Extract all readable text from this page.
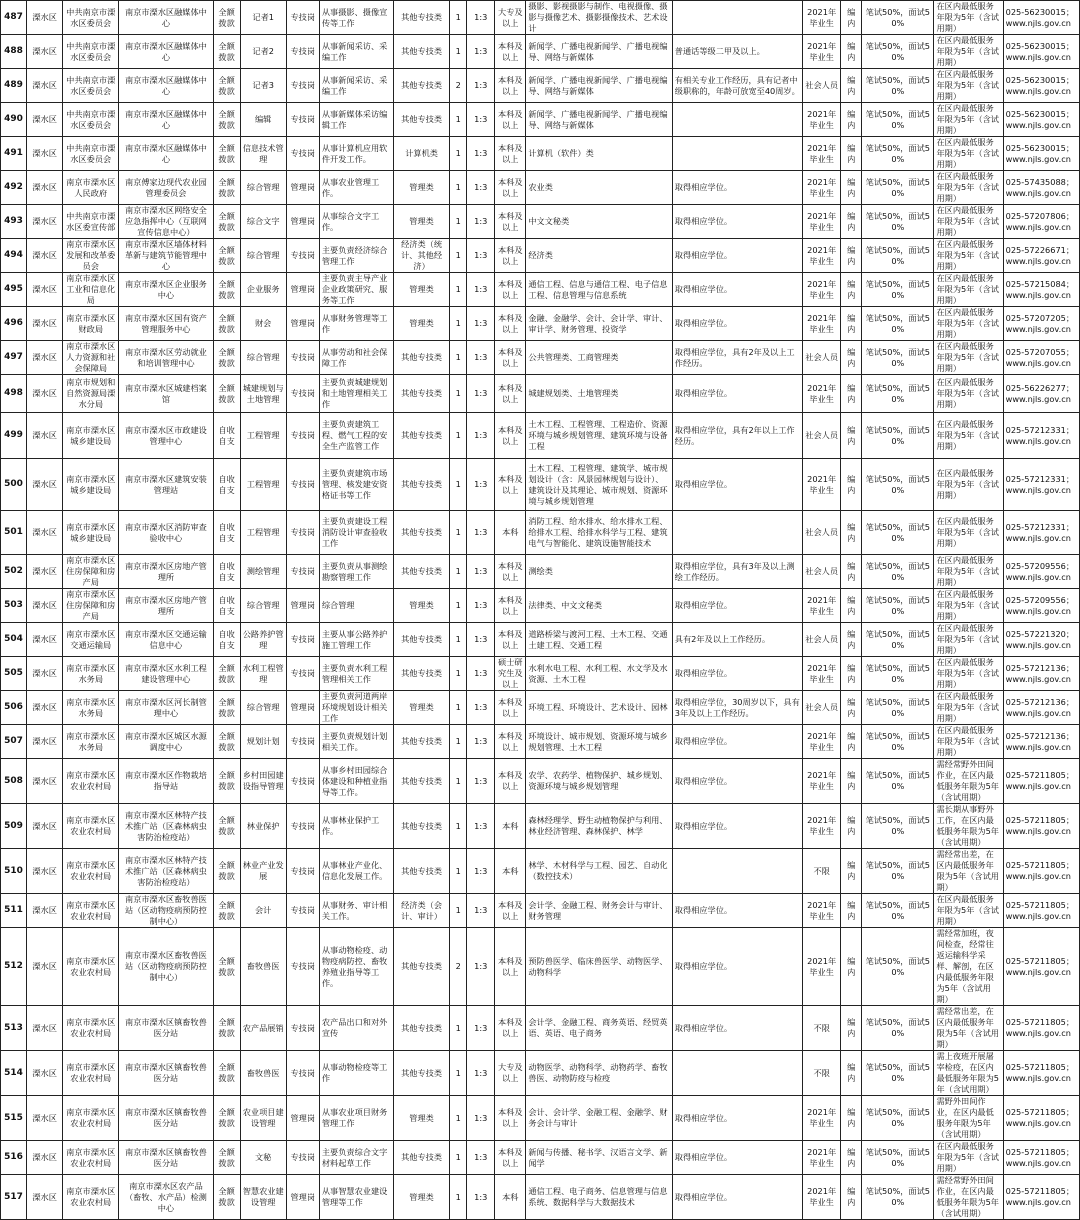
487	溧水区	中共南京市溧水区委员会	南京市溧水区融媒体中心	全额拨款	记者1	专技岗	从事摄影、摄像宣传等工作	其他专技类	1	1:3	大专及以上	摄影、影视摄影与制作、电视摄像、摄影与摄像艺术、摄影摄像技术、艺术设计		2021年毕业生	编内	笔试50%，面试50%	在区内最低服务年限为5年（含试用期）	025-56230015；www.njls.gov.cn
488	溧水区	中共南京市溧水区委员会	南京市溧水区融媒体中心	全额拨款	记者2	专技岗	从事新闻采访、采编工作	其他专技类	1	1:3	本科及以上	新闻学、广播电视新闻学、广播电视编导、网络与新媒体	普通话等级二甲及以上。	2021年毕业生	编内	笔试50%，面试50%	在区内最低服务年限为5年（含试用期）	025-56230015；www.njls.gov.cn
489	溧水区	中共南京市溧水区委员会	南京市溧水区融媒体中心	全额拨款	记者3	专技岗	从事新闻采访、采编工作	其他专技类	2	1:3	本科及以上	新闻学、广播电视新闻学、广播电视编导、网络与新媒体	有相关专业工作经历，具有记者中级职称的，年龄可放宽至40周岁。	社会人员	编内	笔试50%，面试50%	在区内最低服务年限为5年（含试用期）	025-56230015；www.njls.gov.cn
490	溧水区	中共南京市溧水区委员会	南京市溧水区融媒体中心	全额拨款	编辑	专技岗	从事新媒体采访编辑工作	其他专技类	1	1:3	本科及以上	新闻学、广播电视新闻学、广播电视编导、网络与新媒体		2021年毕业生	编内	笔试50%，面试50%	在区内最低服务年限为5年（含试用期）	025-56230015；www.njls.gov.cn
491	溧水区	中共南京市溧水区委员会	南京市溧水区融媒体中心	全额拨款	信息技术管理	专技岗	从事计算机应用软件开发工作。	计算机类	1	1:3	本科及以上	计算机（软件）类		2021年毕业生	编内	笔试50%，面试50%	在区内最低服务年限为5年（含试用期）	025-56230015；www.njls.gov.cn
492	溧水区	南京市溧水区人民政府	南京傅家边现代农业园管理委员会	全额拨款	综合管理	管理岗	从事农业管理工作。	管理类	1	1:3	本科及以上	农业类	取得相应学位。	2021年毕业生	编内	笔试50%，面试50%	在区内最低服务年限为5年（含试用期）	025-57435088；www.njls.gov.cn
493	溧水区	中共南京市溧水区委宣传部	南京市溧水区网络安全应急指挥中心（互联网宣传信息中心）	全额拨款	综合文字	管理岗	从事综合文字工作。	管理类	1	1:3	本科及以上	中文文秘类	取得相应学位。	2021年毕业生	编内	笔试50%，面试50%	在区内最低服务年限为5年（含试用期）	025-57207806；www.njls.gov.cn
494	溧水区	南京市溧水区发展和改革委员会	南京市溧水区墙体材料革新与建筑节能管理中心	全额拨款	综合管理	专技岗	主要负责经济综合管理工作	经济类（统计、其他经济）	1	1:3	本科及以上	经济类	取得相应学位。	2021年毕业生	编内	笔试50%，面试50%	在区内最低服务年限为5年（含试用期）	025-57226671；www.njls.gov.cn
495	溧水区	南京市溧水区工业和信息化局	南京市溧水区企业服务中心	全额拨款	企业服务	管理岗	主要负责主导产业企业政策研究、服务等工作	管理类	1	1:3	本科及以上	通信工程、信息与通信工程、电子信息工程、信息管理与信息系统	取得相应学位。	2021年毕业生	编内	笔试50%，面试50%	在区内最低服务年限为5年（含试用期）	025-57215084；www.njls.gov.cn
496	溧水区	南京市溧水区财政局	南京市溧水区国有资产管理服务中心	全额拨款	财会	管理岗	从事财务管理等工作	管理类	1	1:3	本科及以上	金融、金融学、会计、会计学、审计、审计学、财务管理、投资学	取得相应学位。	2021年毕业生	编内	笔试50%，面试50%	在区内最低服务年限为5年（含试用期）	025-57207205；www.njls.gov.cn
497	溧水区	南京市溧水区人力资源和社会保障局	南京市溧水区劳动就业和培训管理中心	全额拨款	综合管理	专技岗	从事劳动和社会保障工作	其他专技类	1	1:3	本科及以上	公共管理类、工商管理类	取得相应学位，具有2年及以上工作经历。	社会人员	编内	笔试50%，面试50%	在区内最低服务年限为5年（含试用期）	025-57207055；www.njls.gov.cn
498	溧水区	南京市规划和自然资源局溧水分局	南京市溧水区城建档案馆	全额拨款	城建规划与土地管理	专技岗	主要负责城建规划和土地管理相关工作	其他专技类	1	1:3	本科及以上	城建规划类、土地管理类	取得相应学位。	2021年毕业生	编内	笔试50%，面试50%	在区内最低服务年限为5年（含试用期）	025-56226277；www.njls.gov.cn
499	溧水区	南京市溧水区城乡建设局	南京市溧水区市政建设管理中心	自收自支	工程管理	专技岗	主要负责建筑工程、燃气工程的安全生产监管工作	其他专技类	1	1:3	本科及以上	土木工程、工程管理、工程造价、资源环境与城乡规划管理、建筑环境与设备工程	取得相应学位，具有2年以上工作经历。	社会人员	编内	笔试50%，面试50%	在区内最低服务年限为5年（含试用期）	025-57212331；www.njls.gov.cn
500	溧水区	南京市溧水区城乡建设局	南京市溧水区建筑安装管理站	自收自支	工程管理	专技岗	主要负责建筑市场管理、核发建安资格证书等工作	其他专技类	1	1:3	本科及以上	土木工程、工程管理、建筑学、城市规划设计（含：风景园林规划与设计）、建筑设计及其理论、城市规划、资源环境与城乡规划管理	取得相应学位。	2021年毕业生	编内	笔试50%，面试50%	在区内最低服务年限为5年（含试用期）	025-57212331；www.njls.gov.cn
501	溧水区	南京市溧水区城乡建设局	南京市溧水区消防审查验收中心	自收自支	工程管理	专技岗	主要负责建设工程消防设计审查验收工作	其他专技类	1	1:3	本科	消防工程、给水排水、给水排水工程、给排水工程、给排水科学与工程、建筑电气与智能化、建筑设施智能技术		社会人员	编内	笔试50%，面试50%	在区内最低服务年限为5年（含试用期）	025-57212331；www.njls.gov.cn
502	溧水区	南京市溧水区住房保障和房产局	南京市溧水区房地产管理所	自收自支	测绘管理	专技岗	主要负责从事测绘勘察管理工作	其他专技类	1	1:3	本科及以上	测绘类	取得相应学位，具有3年及以上测绘工作经历。	社会人员	编内	笔试50%，面试50%	在区内最低服务年限为5年（含试用期）	025-57209556；www.njls.gov.cn
503	溧水区	南京市溧水区住房保障和房产局	南京市溧水区房地产管理所	自收自支	综合管理	管理岗	综合管理	管理类	1	1:3	本科及以上	法律类、中文文秘类	取得相应学位。	2021年毕业生	编内	笔试50%，面试50%	在区内最低服务年限为5年（含试用期）	025-57209556；www.njls.gov.cn
504	溧水区	南京市溧水区交通运输局	南京市溧水区交通运输信息中心	自收自支	公路养护管理	专技岗	主要从事公路养护施工管理工作	其他专技类	1	1:3	本科及以上	道路桥梁与渡河工程、土木工程、交通土建工程、交通工程	具有2年及以上工作经历。	社会人员	编内	笔试50%，面试50%	在区内最低服务年限为5年（含试用期）	025-57221320；www.njls.gov.cn
505	溧水区	南京市溧水区水务局	南京市溧水区水利工程建设管理中心	全额拨款	水利工程管理	专技岗	主要负责水利工程管理相关工作	其他专技类	1	1:3	硕士研究生及以上	水利水电工程、水利工程、水文学及水资源、土木工程	取得相应学位。	2021年毕业生	编内	笔试50%，面试50%	在区内最低服务年限为5年（含试用期）	025-57212136；www.njls.gov.cn
506	溧水区	南京市溧水区水务局	南京市溧水区河长制管理中心	全额拨款	综合管理	管理岗	主要负责河道两岸环境规划设计相关工作	管理类	1	1:3	本科及以上	环境工程、环境设计、艺术设计、园林	取得相应学位，30周岁以下，具有3年及以上工作经历。	社会人员	编内	笔试50%，面试50%	在区内最低服务年限为5年（含试用期）	025-57212136；www.njls.gov.cn
507	溧水区	南京市溧水区水务局	南京市溧水区城区水源调度中心	全额拨款	规划计划	专技岗	主要负责规划计划相关工作。	其他专技类	1	1:3	本科及以上	环境设计、城市规划、资源环境与城乡规划管理、土木工程	取得相应学位。	2021年毕业生	编内	笔试50%，面试50%	在区内最低服务年限为5年（含试用期）	025-57212136；www.njls.gov.cn
508	溧水区	南京市溧水区农业农村局	南京市溧水区作物栽培指导站	全额拨款	乡村田园建设指导管理	专技岗	从事乡村田园综合体建设和种植业指导等工作。	其他专技类	1	1:3	本科及以上	农学、农药学、植物保护、城乡规划、资源环境与城乡规划管理	取得相应学位。	2021年毕业生	编内	笔试50%，面试50%	需经常野外田间作业，在区内最低服务年限为5年（含试用期）	025-57211805；www.njls.gov.cn
509	溧水区	南京市溧水区农业农村局	南京市溧水区林特产技术推广站（区森林病虫害防治检疫站）	全额拨款	林业保护	专技岗	从事林业保护工作。	其他专技类	1	1:3	本科	森林经理学、野生动植物保护与利用、林业经济管理、森林保护、林学	取得相应学位。	2021年毕业生	编内	笔试50%，面试50%	需长期从事野外工作，在区内最低服务年限为5年（含试用期）	025-57211805；www.njls.gov.cn
510	溧水区	南京市溧水区农业农村局	南京市溧水区林特产技术推广站（区森林病虫害防治检疫站）	全额拨款	林业产业发展	专技岗	从事林业产业化、信息化发展工作。	其他专技类	1	1:3	本科	林学、木材科学与工程、园艺、自动化（数控技术）		不限	编内	笔试50%，面试50%	需经常出差，在区内最低服务年限为5年（含试用期）	025-57211805；www.njls.gov.cn
511	溧水区	南京市溧水区农业农村局	南京市溧水区畜牧兽医站（区动物疫病预防控制中心）	全额拨款	会计	专技岗	从事财务、审计相关工作。	经济类（会计、审计）	1	1:3	本科及以上	会计学、金融工程、财务会计与审计、财务管理	取得相应学位。	2021年毕业生	编内	笔试50%，面试50%	在区内最低服务年限为5年（含试用期）	025-57211805；www.njls.gov.cn
512	溧水区	南京市溧水区农业农村局	南京市溧水区畜牧兽医站（区动物疫病预防控制中心）	全额拨款	畜牧兽医	专技岗	从事动物检疫、动物疫病防控、畜牧养殖业指导等工作。	其他专技类	2	1:3	本科及以上	预防兽医学、临床兽医学、动物医学、动物科学	取得相应学位。	2021年毕业生	编内	笔试50%，面试50%	需经常加班，夜间检查，经常往返运输科学采样、解剖，在区内最低服务年限为5年（含试用期）	025-57211805；www.njls.gov.cn
513	溧水区	南京市溧水区农业农村局	南京市溧水区镇畜牧兽医分站	全额拨款	农产品展销	专技岗	农产品出口和对外宣传	其他专技类	1	1:3	本科及以上	会计学、金融工程、商务英语、经贸英语、英语、电子商务	取得相应学位。	不限	编内	笔试50%，面试50%	需经常出差，在区内最低服务年限为5年（含试用期）	025-57211805；www.njls.gov.cn
514	溧水区	南京市溧水区农业农村局	南京市溧水区镇畜牧兽医分站	全额拨款	畜牧兽医	专技岗	从事动物检疫等工作	其他专技类	1	1:3	大专及以上	动物医学、动物科学、动物药学、畜牧兽医、动物防疫与检疫		不限	编内	笔试50%，面试50%	需上夜班开展屠宰检疫，在区内最低服务年限为5年（含试用期）	025-57211805；www.njls.gov.cn
515	溧水区	南京市溧水区农业农村局	南京市溧水区镇畜牧兽医分站	全额拨款	农业项目建设管理	管理岗	从事农业项目财务管理工作	管理类	1	1:3	本科及以上	会计、会计学、金融工程、金融学、财务会计与审计	取得相应学位。	2021年毕业生	编内	笔试50%，面试50%	需野外田间作业，在区内最低服务年限为5年（含试用期）	025-57211805；www.njls.gov.cn
516	溧水区	南京市溧水区农业农村局	南京市溧水区镇畜牧兽医分站	全额拨款	文秘	专技岗	主要负责综合文字材料起草工作	其他专技类	1	1:3	本科及以上	新闻与传播、秘书学、汉语言文学、新闻学	取得相应学位。	2021年毕业生	编内	笔试50%，面试50%	在区内最低服务年限为5年（含试用期）	025-57211805；www.njls.gov.cn
517	溧水区	南京市溧水区农业农村局	南京市溧水区农产品（畜牧、水产品）检测中心	全额拨款	智慧农业建设管理	管理岗	从事智慧农业建设管理等工作	管理类	1	1:3	本科	通信工程、电子商务、信息管理与信息系统、数据科学与大数据技术	取得相应学位。	2021年毕业生	编内	笔试50%，面试50%	需经常野外田间作业，在区内最低服务年限为5年（含试用期）	025-57211805；www.njls.gov.cn
